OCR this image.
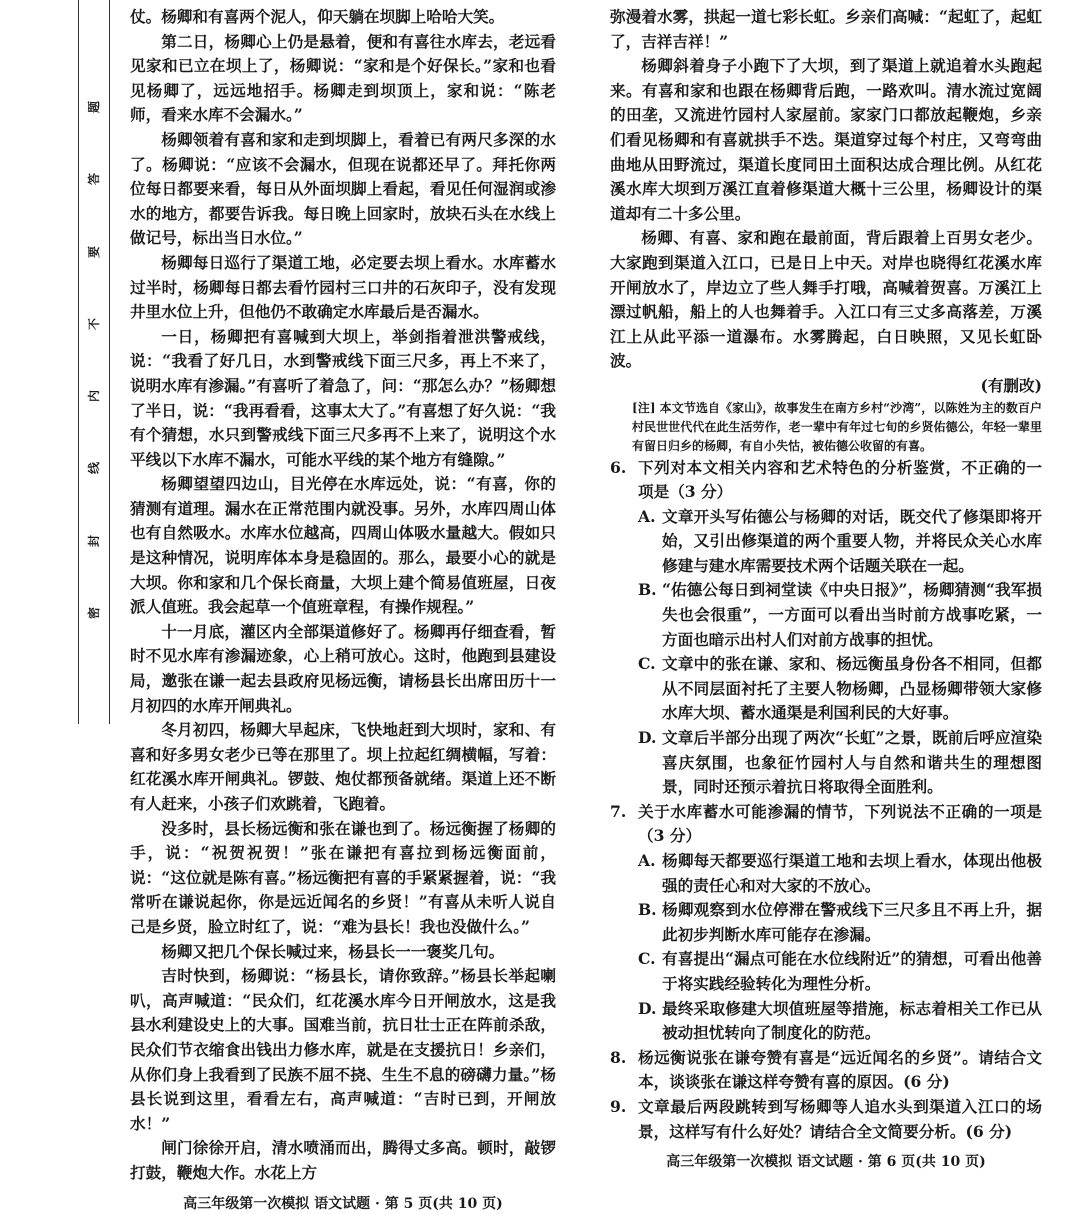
密
封
线
内
不
要
答
题

仗。杨卿和有喜两个泥人，仰天躺在坝脚上哈哈大笑。

第二日，杨卿心上仍是悬着，便和有喜往水库去，老远看见家和已立在坝上了，杨卿说：“家和是个好保长。”家和也看见杨卿了，远远地招手。杨卿走到坝顶上，家和说：“陈老师，看来水库不会漏水。”

杨卿领着有喜和家和走到坝脚上，看着已有两尺多深的水了。杨卿说：“应该不会漏水，但现在说都还早了。拜托你两位每日都要来看，每日从外面坝脚上看起，看见任何湿润或渗水的地方，都要告诉我。每日晚上回家时，放块石头在水线上做记号，标出当日水位。”

杨卿每日巡行了渠道工地，必定要去坝上看水。水库蓄水过半时，杨卿每日都去看竹园村三口井的石灰印子，没有发现井里水位上升，但他仍不敢确定水库最后是否漏水。

一日，杨卿把有喜喊到大坝上，举剑指着泄洪警戒线，说：“我看了好几日，水到警戒线下面三尺多，再上不来了，说明水库有渗漏。”有喜听了着急了，问：“那怎么办？”杨卿想了半日，说：“我再看看，这事太大了。”有喜想了好久说：“我有个猜想，水只到警戒线下面三尺多再不上来了，说明这个水平线以下水库不漏水，可能水平线的某个地方有缝隙。”

杨卿望望四边山，目光停在水库远处，说：“有喜，你的猜测有道理。漏水在正常范围内就没事。另外，水库四周山体也有自然吸水。水库水位越高，四周山体吸水量越大。假如只是这种情况，说明库体本身是稳固的。那么，最要小心的就是大坝。你和家和几个保长商量，大坝上建个简易值班屋，日夜派人值班。我会起草一个值班章程，有操作规程。”

十一月底，灌区内全部渠道修好了。杨卿再仔细查看，暂时不见水库有渗漏迹象，心上稍可放心。这时，他跑到县建设局，邀张在谦一起去县政府见杨远衡，请杨县长出席田历十一月初四的水库开闸典礼。

冬月初四，杨卿大早起床，飞快地赶到大坝时，家和、有喜和好多男女老少已等在那里了。坝上拉起红绸横幅，写着：红花溪水库开闸典礼。锣鼓、炮仗都预备就绪。渠道上还不断有人赶来，小孩子们欢跳着，飞跑着。

没多时，县长杨远衡和张在谦也到了。杨远衡握了杨卿的手，说：“祝贺祝贺！”张在谦把有喜拉到杨远衡面前，说：“这位就是陈有喜。”杨远衡把有喜的手紧紧握着，说：“我常听在谦说起你，你是远近闻名的乡贤！”有喜从未听人说自己是乡贤，脸立时红了，说：“难为县长！我也没做什么。”

杨卿又把几个保长喊过来，杨县长一一褒奖几句。

吉时快到，杨卿说：“杨县长，请你致辞。”杨县长举起喇叭，高声喊道：“民众们，红花溪水库今日开闸放水，这是我县水利建设史上的大事。国难当前，抗日壮士正在阵前杀敌，民众们节衣缩食出钱出力修水库，就是在支援抗日！乡亲们，从你们身上我看到了民族不屈不挠、生生不息的磅礴力量。”杨县长说到这里，看看左右，高声喊道：“吉时已到，开闸放水！”

闸门徐徐开启，清水喷涌而出，腾得丈多高。顿时，敲锣打鼓，鞭炮大作。水花上方

高三年级第一次模拟 语文试题 · 第 5 页(共 10 页)

弥漫着水雾，拱起一道七彩长虹。乡亲们高喊：“起虹了，起虹了，吉祥吉祥！”

杨卿斜着身子小跑下了大坝，到了渠道上就追着水头跑起来。有喜和家和也跟在杨卿背后跑，一路欢叫。清水流过宽阔的田垄，又流进竹园村人家屋前。家家门口都放起鞭炮，乡亲们看见杨卿和有喜就拱手不迭。渠道穿过每个村庄，又弯弯曲曲地从田野流过，渠道长度同田土面积达成合理比例。从红花溪水库大坝到万溪江直着修渠道大概十三公里，杨卿设计的渠道却有二十多公里。

杨卿、有喜、家和跑在最前面，背后跟着上百男女老少。大家跑到渠道入江口，已是日上中天。对岸也晓得红花溪水库开闸放水了，岸边立了些人舞手打哦，高喊着贺喜。万溪江上漂过帆船，船上的人也舞着手。入江口有三丈多高落差，万溪江上从此平添一道瀑布。水雾腾起，白日映照，又见长虹卧波。

(有删改)
[注] 本文节选自《家山》，故事发生在南方乡村“沙湾”，以陈姓为主的数百户村民世世代代在此生活劳作，老一辈中有年过七旬的乡贤佑德公，年轻一辈里有留日归乡的杨卿，有自小失怙，被佑德公收留的有喜。
6. 下列对本文相关内容和艺术特色的分析鉴赏，不正确的一项是（3 分）
A. 文章开头写佑德公与杨卿的对话，既交代了修渠即将开始，又引出修渠道的两个重要人物，并将民众关心水库修建与建水库需要技术两个话题关联在一起。
B. “佑德公每日到祠堂读《中央日报》”，杨卿猜测“我军损失也会很重”，一方面可以看出当时前方战事吃紧，一方面也暗示出村人们对前方战事的担忧。
C. 文章中的张在谦、家和、杨远衡虽身份各不相同，但都从不同层面衬托了主要人物杨卿，凸显杨卿带领大家修水库大坝、蓄水通渠是利国利民的大好事。
D. 文章后半部分出现了两次“长虹”之景，既前后呼应渲染喜庆氛围，也象征竹园村人与自然和谐共生的理想图景，同时还预示着抗日将取得全面胜利。
7. 关于水库蓄水可能渗漏的情节，下列说法不正确的一项是（3 分）
A. 杨卿每天都要巡行渠道工地和去坝上看水，体现出他极强的责任心和对大家的不放心。
B. 杨卿观察到水位停滞在警戒线下三尺多且不再上升，据此初步判断水库可能存在渗漏。
C. 有喜提出“漏点可能在水位线附近”的猜想，可看出他善于将实践经验转化为理性分析。
D. 最终采取修建大坝值班屋等措施，标志着相关工作已从被动担忧转向了制度化的防范。
8. 杨远衡说张在谦夸赞有喜是“远近闻名的乡贤”。请结合文本，谈谈张在谦这样夸赞有喜的原因。(6 分)
9. 文章最后两段跳转到写杨卿等人追水头到渠道入江口的场景，这样写有什么好处？请结合全文简要分析。(6 分)
高三年级第一次模拟 语文试题 · 第 6 页(共 10 页)
